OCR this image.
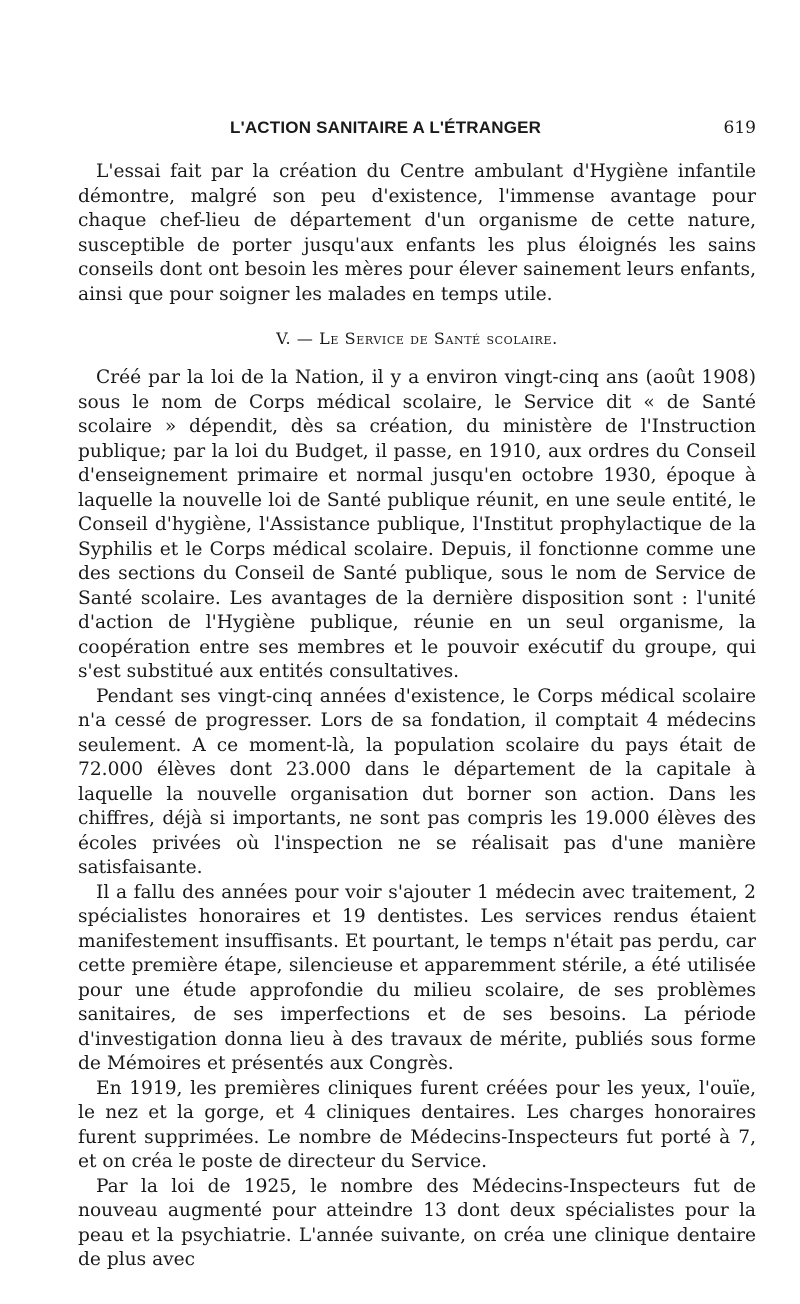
L'ACTION SANITAIRE A L'ÉTRANGER	619

L'essai fait par la création du Centre ambulant d'Hygiène infantile démontre, malgré son peu d'existence, l'immense avantage pour chaque chef-lieu de département d'un organisme de cette nature, susceptible de porter jusqu'aux enfants les plus éloignés les sains conseils dont ont besoin les mères pour élever sainement leurs enfants, ainsi que pour soigner les malades en temps utile.

V. — Le Service de Santé scolaire.

Créé par la loi de la Nation, il y a environ vingt-cinq ans (août 1908) sous le nom de Corps médical scolaire, le Service dit « de Santé scolaire » dépendit, dès sa création, du ministère de l'Instruction publique; par la loi du Budget, il passe, en 1910, aux ordres du Conseil d'enseignement primaire et normal jusqu'en octobre 1930, époque à laquelle la nouvelle loi de Santé publique réunit, en une seule entité, le Conseil d'hygiène, l'Assistance publique, l'Institut prophylactique de la Syphilis et le Corps médical scolaire. Depuis, il fonctionne comme une des sections du Conseil de Santé publique, sous le nom de Service de Santé scolaire. Les avantages de la dernière disposition sont : l'unité d'action de l'Hygiène publique, réunie en un seul organisme, la coopération entre ses membres et le pouvoir exécutif du groupe, qui s'est substitué aux entités consultatives.

Pendant ses vingt-cinq années d'existence, le Corps médical scolaire n'a cessé de progresser. Lors de sa fondation, il comptait 4 médecins seulement. A ce moment-là, la population scolaire du pays était de 72.000 élèves dont 23.000 dans le département de la capitale à laquelle la nouvelle organisation dut borner son action. Dans les chiffres, déjà si importants, ne sont pas compris les 19.000 élèves des écoles privées où l'inspection ne se réalisait pas d'une manière satisfaisante.

Il a fallu des années pour voir s'ajouter 1 médecin avec traitement, 2 spécialistes honoraires et 19 dentistes. Les services rendus étaient manifestement insuffisants. Et pourtant, le temps n'était pas perdu, car cette première étape, silencieuse et apparemment stérile, a été utilisée pour une étude approfondie du milieu scolaire, de ses problèmes sanitaires, de ses imperfections et de ses besoins. La période d'investigation donna lieu à des travaux de mérite, publiés sous forme de Mémoires et présentés aux Congrès.

En 1919, les premières cliniques furent créées pour les yeux, l'ouïe, le nez et la gorge, et 4 cliniques dentaires. Les charges honoraires furent supprimées. Le nombre de Médecins-Inspecteurs fut porté à 7, et on créa le poste de directeur du Service.

Par la loi de 1925, le nombre des Médecins-Inspecteurs fut de nouveau augmenté pour atteindre 13 dont deux spécialistes pour la peau et la psychiatrie. L'année suivante, on créa une clinique dentaire de plus avec
